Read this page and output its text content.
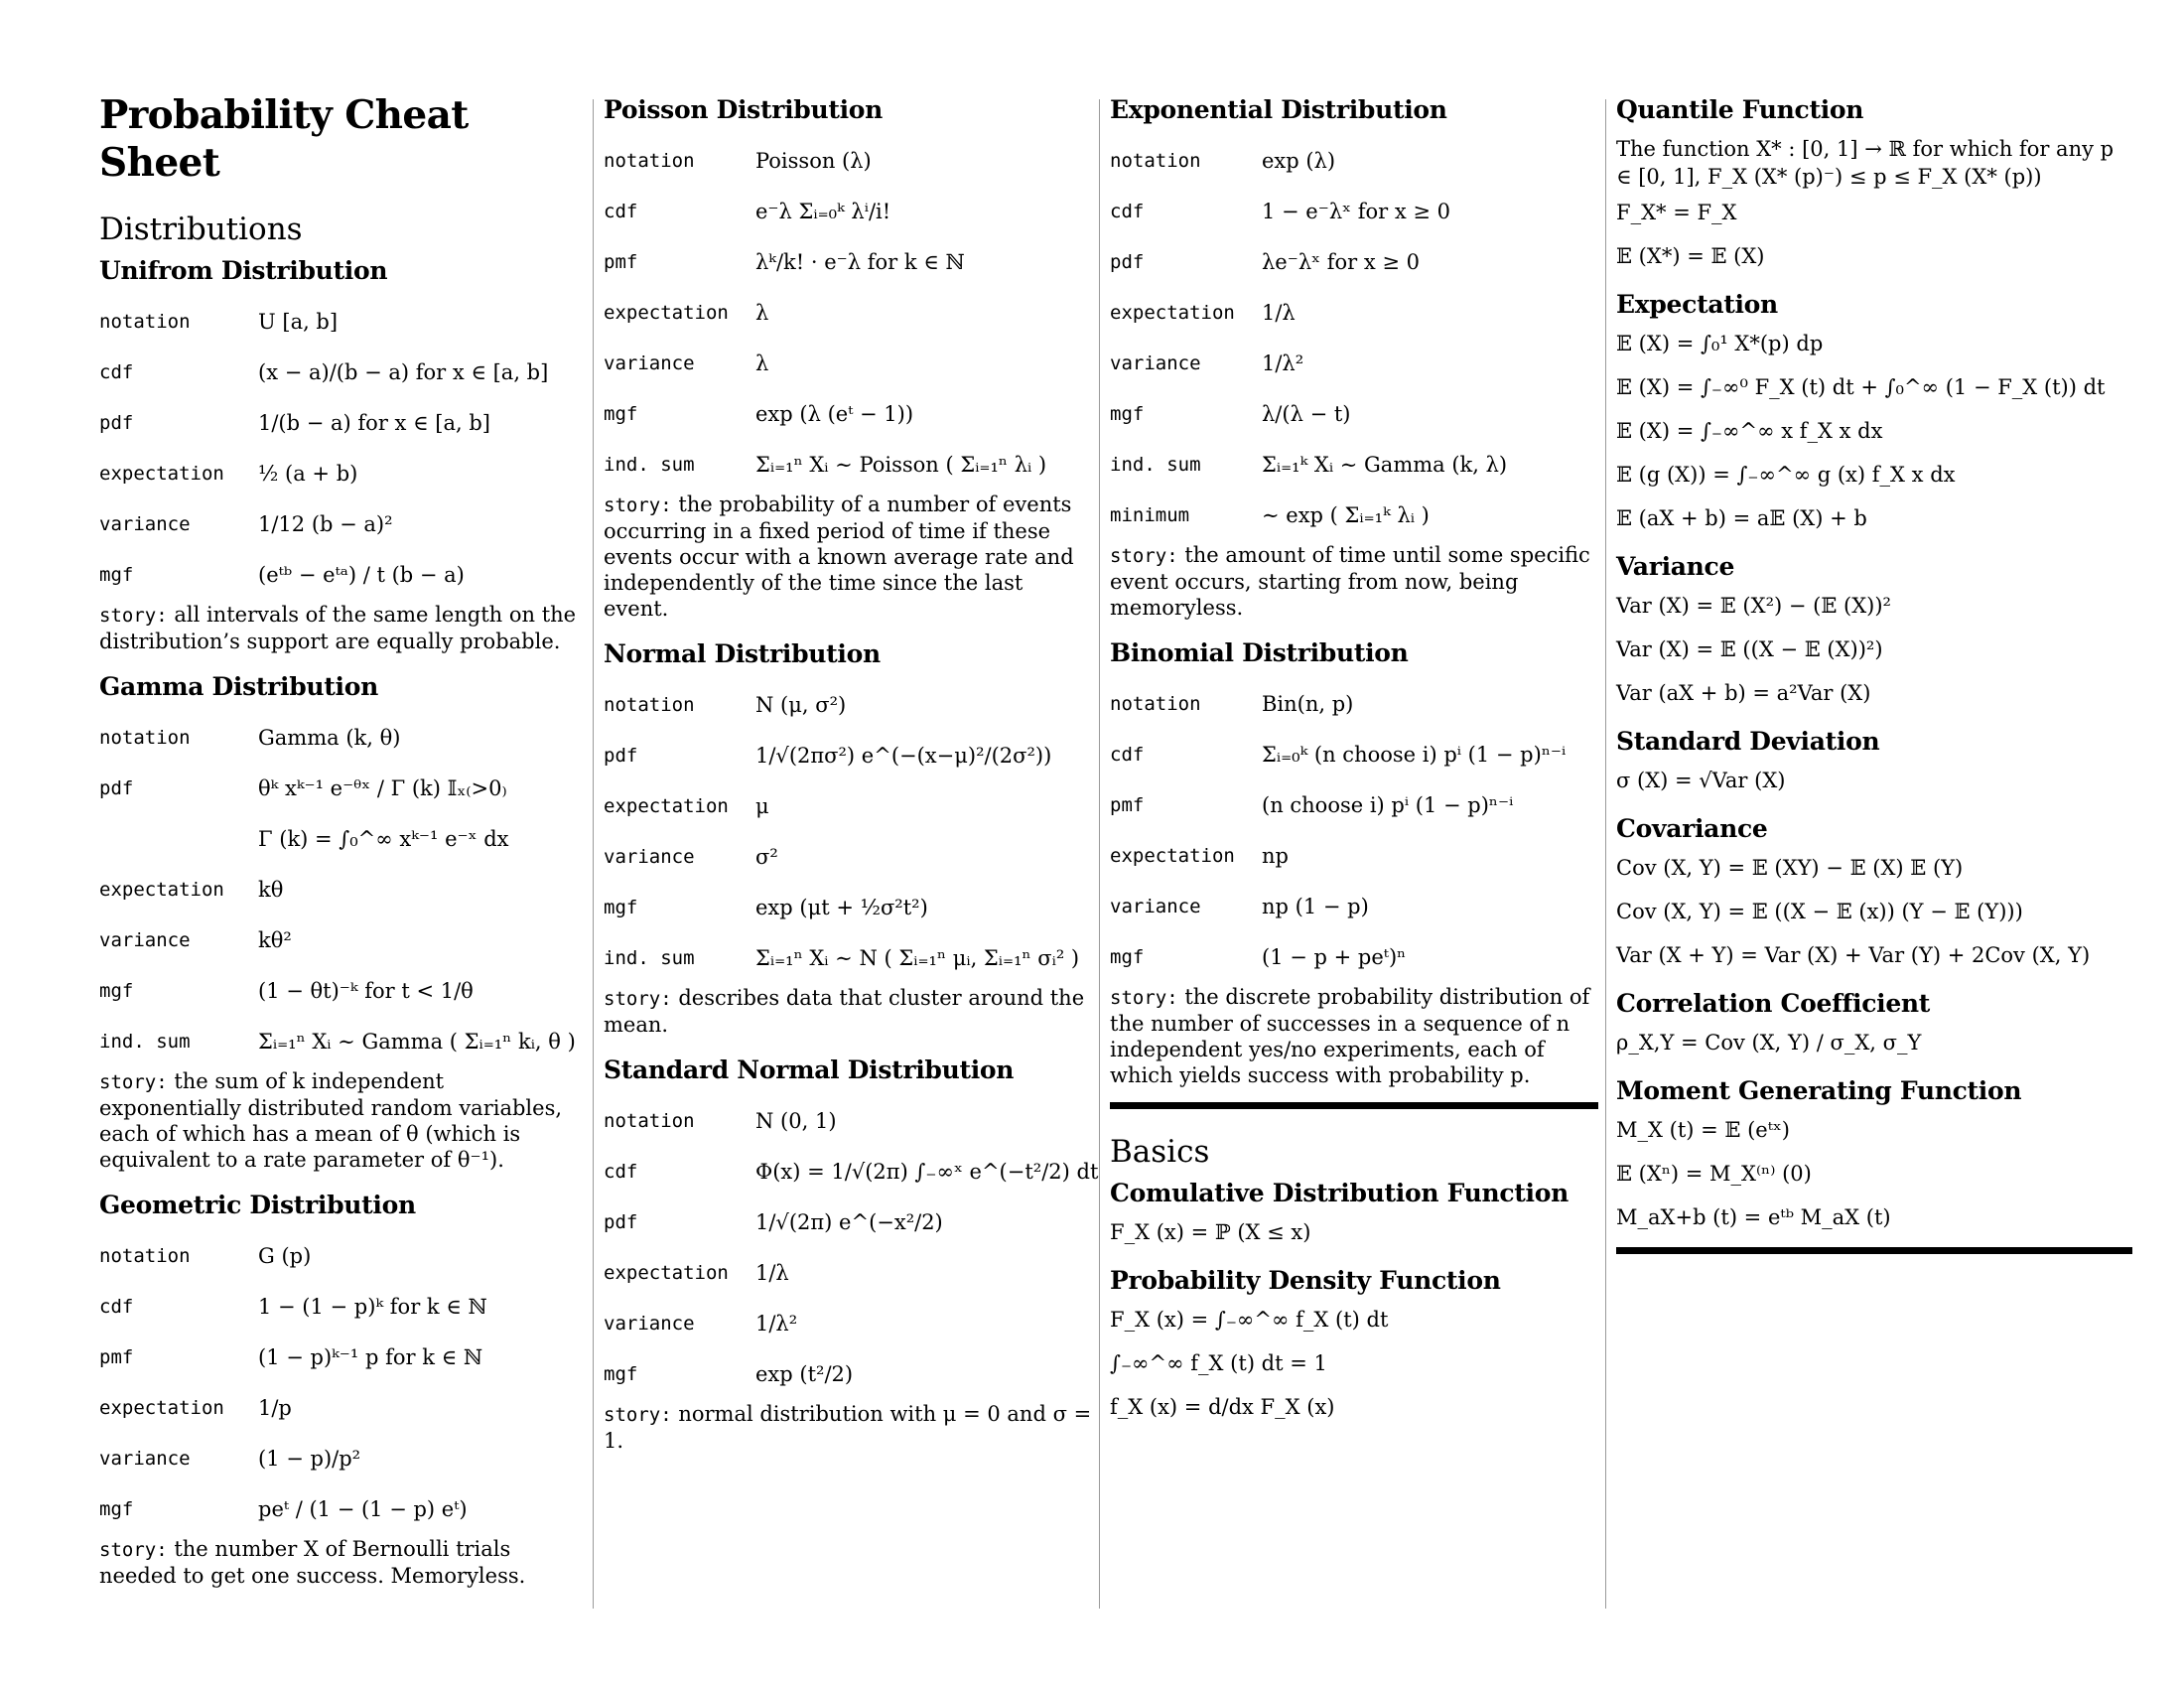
Probability Cheat Sheet
Distributions
Unifrom Distribution
notation	U [a, b]
cdf	(x − a)/(b − a) for x ∈ [a, b]
pdf	1/(b − a) for x ∈ [a, b]
expectation	½ (a + b)
variance	1/12 (b − a)²
mgf	(eᵗᵇ − eᵗᵃ) / t (b − a)

story: all intervals of the same length on the distribution’s support are equally probable.

Gamma Distribution
notation	Gamma (k, θ)
pdf	θᵏ xᵏ⁻¹ e⁻ᶿˣ / Γ (k) 𝕀ₓ₍>0₎
Γ (k) = ∫₀^∞ xᵏ⁻¹ e⁻ˣ dx
expectation	kθ
variance	kθ²
mgf	(1 − θt)⁻ᵏ for t < 1/θ
ind. sum	Σᵢ₌₁ⁿ Xᵢ ∼ Gamma ( Σᵢ₌₁ⁿ kᵢ, θ )

story: the sum of k independent exponentially distributed random variables, each of which has a mean of θ (which is equivalent to a rate parameter of θ⁻¹).

Geometric Distribution
notation	G (p)
cdf	1 − (1 − p)ᵏ for k ∈ ℕ
pmf	(1 − p)ᵏ⁻¹ p for k ∈ ℕ
expectation	1/p
variance	(1 − p)/p²
mgf	peᵗ / (1 − (1 − p) eᵗ)

story: the number X of Bernoulli trials needed to get one success. Memoryless.

Poisson Distribution
notation	Poisson (λ)
cdf	e⁻λ Σᵢ₌₀ᵏ λⁱ/i!
pmf	λᵏ/k! · e⁻λ for k ∈ ℕ
expectation	λ
variance	λ
mgf	exp (λ (eᵗ − 1))
ind. sum	Σᵢ₌₁ⁿ Xᵢ ∼ Poisson ( Σᵢ₌₁ⁿ λᵢ )

story: the probability of a number of events occurring in a fixed period of time if these events occur with a known average rate and independently of the time since the last event.

Normal Distribution
notation	N (μ, σ²)
pdf	1/√(2πσ²) e^(−(x−μ)²/(2σ²))
expectation	μ
variance	σ²
mgf	exp (μt + ½σ²t²)
ind. sum	Σᵢ₌₁ⁿ Xᵢ ∼ N ( Σᵢ₌₁ⁿ μᵢ, Σᵢ₌₁ⁿ σᵢ² )

story: describes data that cluster around the mean.

Standard Normal Distribution
notation	N (0, 1)
cdf	Φ(x) = 1/√(2π) ∫₋∞ˣ e^(−t²/2) dt
pdf	1/√(2π) e^(−x²/2)
expectation	1/λ
variance	1/λ²
mgf	exp (t²/2)

story: normal distribution with μ = 0 and σ = 1.

Exponential Distribution
notation	exp (λ)
cdf	1 − e⁻λˣ for x ≥ 0
pdf	λe⁻λˣ for x ≥ 0
expectation	1/λ
variance	1/λ²
mgf	λ/(λ − t)
ind. sum	Σᵢ₌₁ᵏ Xᵢ ∼ Gamma (k, λ)
minimum	∼ exp ( Σᵢ₌₁ᵏ λᵢ )

story: the amount of time until some specific event occurs, starting from now, being memoryless.

Binomial Distribution
notation	Bin(n, p)
cdf	Σᵢ₌₀ᵏ (n choose i) pⁱ (1 − p)ⁿ⁻ⁱ
pmf	(n choose i) pⁱ (1 − p)ⁿ⁻ⁱ
expectation	np
variance	np (1 − p)
mgf	(1 − p + peᵗ)ⁿ

story: the discrete probability distribution of the number of successes in a sequence of n independent yes/no experiments, each of which yields success with probability p.

Basics
Comulative Distribution Function

F_X (x) = ℙ (X ≤ x)

Probability Density Function

F_X (x) = ∫₋∞^∞ f_X (t) dt

∫₋∞^∞ f_X (t) dt = 1

f_X (x) = d/dx F_X (x)

Quantile Function

The function X* : [0, 1] → ℝ for which for any p ∈ [0, 1], F_X (X* (p)⁻) ≤ p ≤ F_X (X* (p))

F_X* = F_X

𝔼 (X*) = 𝔼 (X)

Expectation

𝔼 (X) = ∫₀¹ X*(p) dp

𝔼 (X) = ∫₋∞⁰ F_X (t) dt + ∫₀^∞ (1 − F_X (t)) dt

𝔼 (X) = ∫₋∞^∞ x f_X x dx

𝔼 (g (X)) = ∫₋∞^∞ g (x) f_X x dx

𝔼 (aX + b) = a𝔼 (X) + b

Variance

Var (X) = 𝔼 (X²) − (𝔼 (X))²

Var (X) = 𝔼 ((X − 𝔼 (X))²)

Var (aX + b) = a²Var (X)

Standard Deviation

σ (X) = √Var (X)

Covariance

Cov (X, Y) = 𝔼 (XY) − 𝔼 (X) 𝔼 (Y)

Cov (X, Y) = 𝔼 ((X − 𝔼 (x)) (Y − 𝔼 (Y)))

Var (X + Y) = Var (X) + Var (Y) + 2Cov (X, Y)

Correlation Coefficient

ρ_X,Y = Cov (X, Y) / σ_X, σ_Y

Moment Generating Function

M_X (t) = 𝔼 (eᵗˣ)

𝔼 (Xⁿ) = M_X⁽ⁿ⁾ (0)

M_aX+b (t) = eᵗᵇ M_aX (t)
